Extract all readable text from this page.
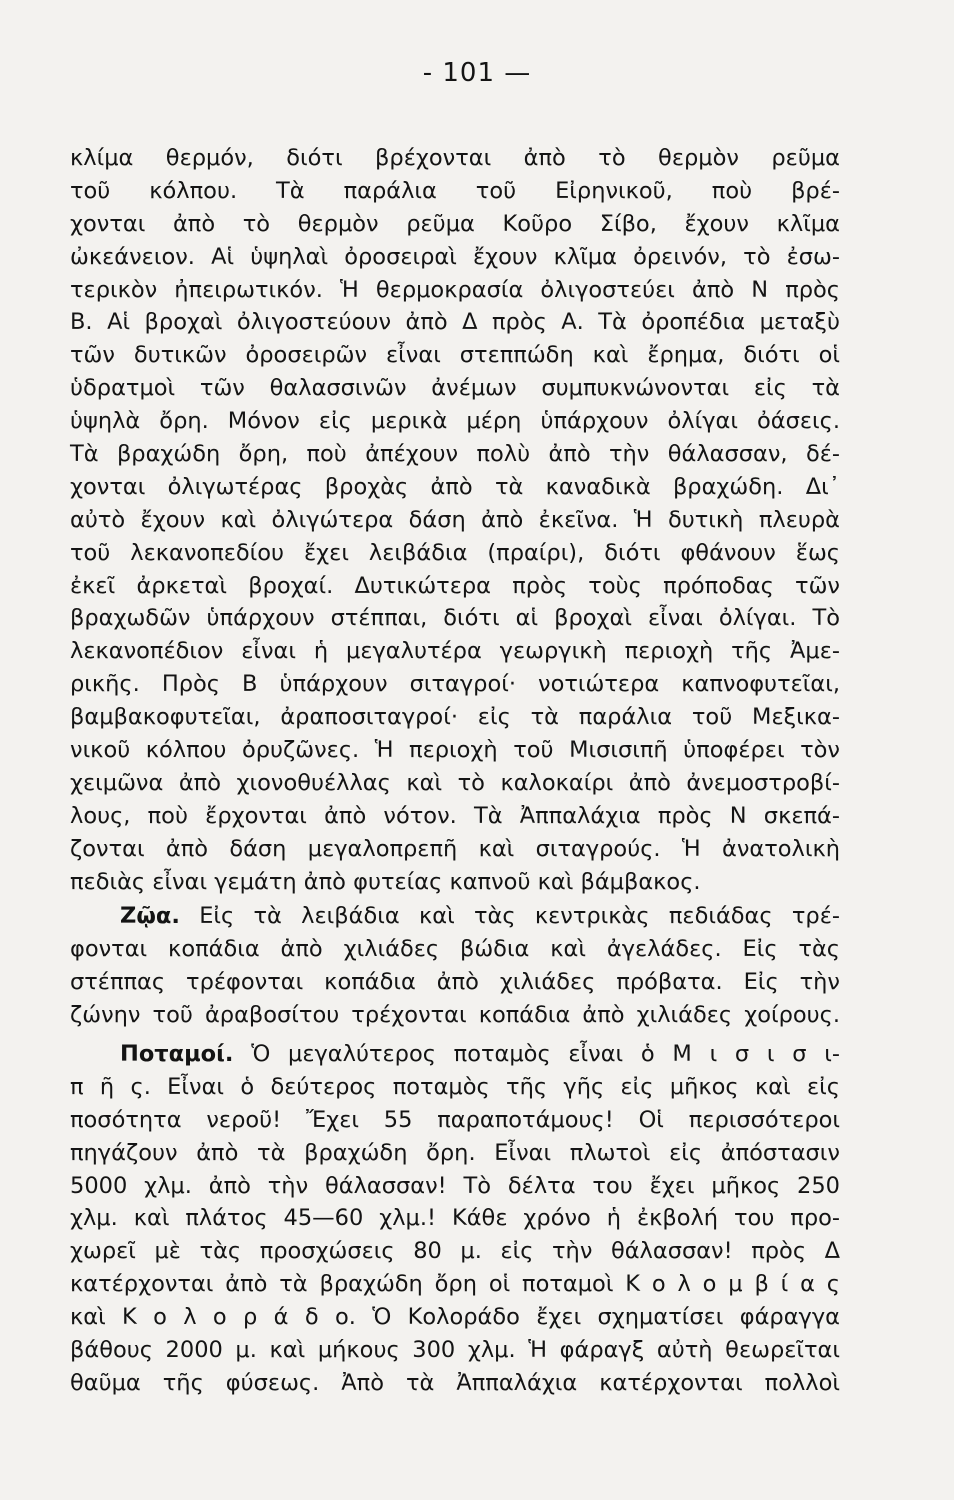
- 101 —
κλίμα θερμόν, διότι βρέχονται ἀπὸ τὸ θερμὸν ρεῦμα
τοῦ κόλπου. Τὰ παράλια τοῦ Εἰρηνικοῦ, ποὺ βρέ-
χονται ἀπὸ τὸ θερμὸν ρεῦμα Κοῦρο Σίβο, ἔχουν κλῖμα
ὠκεάνειον. Αἱ ὑψηλαὶ ὀροσειραὶ ἔχουν κλῖμα ὀρεινόν, τὸ ἐσω-
τερικὸν ἠπειρωτικόν. Ἡ θερμοκρασία ὀλιγοστεύει ἀπὸ Ν πρὸς
Β. Αἱ βροχαὶ ὀλιγοστεύουν ἀπὸ Δ πρὸς Α. Τὰ ὀροπέδια μεταξὺ
τῶν δυτικῶν ὀροσειρῶν εἶναι στεππώδη καὶ ἔρημα, διότι οἱ
ὑδρατμοὶ τῶν θαλασσινῶν ἀνέμων συμπυκνώνονται εἰς τὰ
ὑψηλὰ ὄρη. Μόνον εἰς μερικὰ μέρη ὑπάρχουν ὀλίγαι ὀάσεις.
Τὰ βραχώδη ὄρη, ποὺ ἀπέχουν πολὺ ἀπὸ τὴν θάλασσαν, δέ-
χονται ὀλιγωτέρας βροχὰς ἀπὸ τὰ καναδικὰ βραχώδη. Δι᾿
αὐτὸ ἔχουν καὶ ὀλιγώτερα δάση ἀπὸ ἐκεῖνα. Ἡ δυτικὴ πλευρὰ
τοῦ λεκανοπεδίου ἔχει λειβάδια (πραίρι), διότι φθάνουν ἕως
ἐκεῖ ἀρκεταὶ βροχαί. Δυτικώτερα πρὸς τοὺς πρόποδας τῶν
βραχωδῶν ὑπάρχουν στέππαι, διότι αἱ βροχαὶ εἶναι ὀλίγαι. Τὸ
λεκανοπέδιον εἶναι ἡ μεγαλυτέρα γεωργικὴ περιοχὴ τῆς Ἀμε-
ρικῆς. Πρὸς Β ὑπάρχουν σιταγροί· νοτιώτερα καπνοφυτεῖαι,
βαμβακοφυτεῖαι, ἀραποσιταγροί· εἰς τὰ παράλια τοῦ Μεξικα-
νικοῦ κόλπου ὀρυζῶνες. Ἡ περιοχὴ τοῦ Μισισιπῆ ὑποφέρει τὸν
χειμῶνα ἀπὸ χιονοθυέλλας καὶ τὸ καλοκαίρι ἀπὸ ἀνεμοστροβί-
λους, ποὺ ἔρχονται ἀπὸ νότον. Τὰ Ἀππαλάχια πρὸς Ν σκεπά-
ζονται ἀπὸ δάση μεγαλοπρεπῆ καὶ σιταγρούς. Ἡ ἀνατολικὴ
πεδιὰς εἶναι γεμάτη ἀπὸ φυτείας καπνοῦ καὶ βάμβακος.
Ζῷα. Εἰς τὰ λειβάδια καὶ τὰς κεντρικὰς πεδιάδας τρέ-
φονται κοπάδια ἀπὸ χιλιάδες βώδια καὶ ἀγελάδες. Εἰς τὰς
στέππας τρέφονται κοπάδια ἀπὸ χιλιάδες πρόβατα. Εἰς τὴν
ζώνην τοῦ ἀραβοσίτου τρέχονται κοπάδια ἀπὸ χιλιάδες χοίρους.
Ποταμοί. Ὁ μεγαλύτερος ποταμὸς εἶναι ὁ Μ ι σ ι σ ι-
π ῆ ς. Εἶναι ὁ δεύτερος ποταμὸς τῆς γῆς εἰς μῆκος καὶ εἰς
ποσότητα νεροῦ! Ἔχει 55 παραποτάμους! Οἱ περισσότεροι
πηγάζουν ἀπὸ τὰ βραχώδη ὄρη. Εἶναι πλωτοὶ εἰς ἀπόστασιν
5000 χλμ. ἀπὸ τὴν θάλασσαν! Τὸ δέλτα του ἔχει μῆκος 250
χλμ. καὶ πλάτος 45—60 χλμ.! Κάθε χρόνο ἡ ἐκβολή του προ-
χωρεῖ μὲ τὰς προσχώσεις 80 μ. εἰς τὴν θάλασσαν! πρὸς Δ
κατέρχονται ἀπὸ τὰ βραχώδη ὄρη οἱ ποταμοὶ Κ ο λ ο μ β ί α ς
καὶ Κ ο λ ο ρ ά δ ο. Ὁ Κολοράδο ἔχει σχηματίσει φάραγγα
βάθους 2000 μ. καὶ μήκους 300 χλμ. Ἡ φάραγξ αὐτὴ θεωρεῖται
θαῦμα τῆς φύσεως. Ἀπὸ τὰ Ἀππαλάχια κατέρχονται πολλοὶ
